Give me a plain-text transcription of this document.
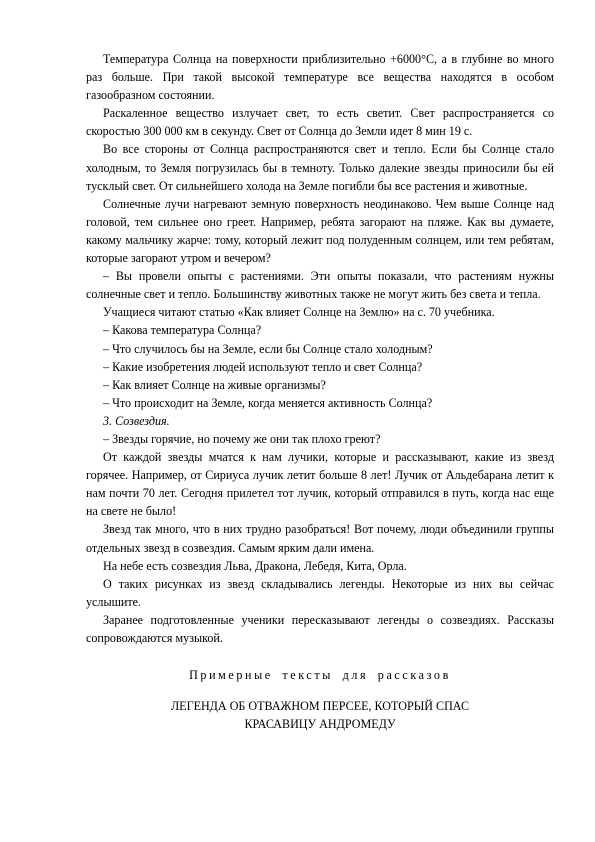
Температура Солнца на поверхности приблизительно +6000°С, а в глубине во много раз больше. При такой высокой температуре все вещества находятся в особом газообразном состоянии.

Раскаленное вещество излучает свет, то есть светит. Свет распространяется со скоростью 300 000 км в секунду. Свет от Солнца до Земли идет 8 мин 19 с.

Во все стороны от Солнца распространяются свет и тепло. Если бы Солнце стало холодным, то Земля погрузилась бы в темноту. Только далекие звезды приносили бы ей тусклый свет. От сильнейшего холода на Земле погибли бы все растения и животные.

Солнечные лучи нагревают земную поверхность неодинаково. Чем выше Солнце над головой, тем сильнее оно греет. Например, ребята загорают на пляже. Как вы думаете, какому мальчику жарче: тому, который лежит под полуденным солнцем, или тем ребятам, которые загорают утром и вечером?

– Вы провели опыты с растениями. Эти опыты показали, что растениям нужны солнечные свет и тепло. Большинству животных также не могут жить без света и тепла.

Учащиеся читают статью «Как влияет Солнце на Землю» на с. 70 учебника.

– Какова температура Солнца?

– Что случилось бы на Земле, если бы Солнце стало холодным?

– Какие изобретения людей используют тепло и свет Солнца?

– Как влияет Солнце на живые организмы?

– Что происходит на Земле, когда меняется активность Солнца?

3. Созвездия.

– Звезды горячие, но почему же они так плохо греют?

От каждой звезды мчатся к нам лучики, которые и рассказывают, какие из звезд горячее. Например, от Сириуса лучик летит больше 8 лет! Лучик от Альдебарана летит к нам почти 70 лет. Сегодня прилетел тот лучик, который отправился в путь, когда нас еще на свете не было!

Звезд так много, что в них трудно разобраться! Вот почему, люди объединили группы отдельных звезд в созвездия. Самым ярким дали имена.

На небе есть созвездия Льва, Дракона, Лебедя, Кита, Орла.

О таких рисунках из звезд складывались легенды. Некоторые из них вы сейчас услышите.

Заранее подготовленные ученики пересказывают легенды о созвездиях. Рассказы сопровождаются музыкой.

Примерные тексты для рассказов

ЛЕГЕНДА ОБ ОТВАЖНОМ ПЕРСЕЕ, КОТОРЫЙ СПАС
КРАСАВИЦУ АНДРОМЕДУ
